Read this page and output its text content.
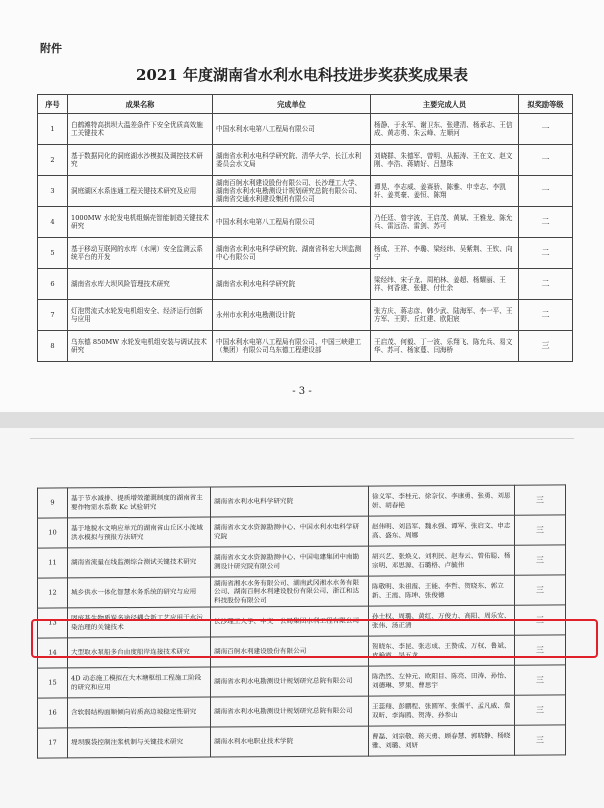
附件
2021 年度湖南省水利水电科技进步奖获奖成果表
序号	成果名称	完成单位	主要完成人员	拟奖励等级
1	白鹤滩特高拱坝大温差条件下安全优质高效施工关键技术	中国水利水电第八工程局有限公司	杨静、于永军、谢卫东、张建清、杨承志、王信成、黄志勇、朱云峰、左顺河	一
2	基于数据同化的洞庭湖水沙模拟及调控技术研究	湖南省水利水电科学研究院、清华大学、长江水利委员会水文局	刘晓群、朱德军、曾明、从振涛、王在文、赵文刚、李浩、蒋婧好、吕慧珠	一
3	洞庭湖区水系连通工程关键技术研究及应用	湖南百舸水利建设股份有限公司、长沙理工大学、湖南省水利水电勘测设计规划研究总院有限公司、湖南省交通水利建设集团有限公司	谭晃、李志威、姜赛骄、陈雅、申幸志、李凯轩、姜英豪、姜恒、陈翔	一
4	1000MW 水轮发电机组蜗壳智能制造关键技术研究	中国水利水电第八工程局有限公司	乃任廷、曾宇波、王启茂、黄斌、王雅龙、陈允兵、雷远浩、雷剑、苏可	二
5	基于移动互联网的水库（水闸）安全监测云系统平台的开发	湖南省水利水电科学研究院、湖南省科宏大坝监测中心有限公司	杨成、王祥、李璐、梁经纬、吴紫荆、王钦、向宁	二
6	湖南省水库大坝风险管理技术研究	湖南省水利水电科学研究院	梁经纬、宋子龙、周柏林、姜超、杨耀丽、王祥、何香建、张健、付仕余	二
7	灯泡贯流式水轮发电机组安全、经济运行创新与应用	永州市水利水电勘测设计院	张方庆、蒋志彦、韩少武、陆海军、李一平、王方军、王野、丘红建、欧阳宸	二
8	乌东德 850MW 水轮发电机组安装与调试技术研究	中国水利水电第八工程局有限公司、中国三峡建工（集团）有限公司乌东德工程建设部	王启茂、何毅、丁一波、乐翔飞、陈允兵、易文华、苏可、杨家蔓、闫海桥	三
- 3 -
9	基于节水减排、提质增效灌溉制度的湖南省主要作物需水系数 Kc 试验研究	湖南省水利水电科学研究院	徐义军、李桂元、徐奈仪、李康勇、张勇、刘思妍、胡春艳	三
10	基于地貌水文响应单元的湖南省山丘区小流域洪水模拟与预报方法研究	湖南省水文水资源勘测中心、中国水利水电科学研究院	赵伟明、刘昌军、魏永强、谭军、张启文、申志高、盛东、周娜	三
11	湖南省流量在线监测综合测试关键技术研究	湖南省水文水资源勘测中心、中国电建集团中南勘测设计研究院有限公司	胡兴艺、张焕义、刘利民、赵寿云、曾佑聪、杨宗明、邓思源、石璐格、卢毓伟	三
12	城乡供水一体化智慧水务系统的研究与应用	湖南省湘水水务有限公司、湖南武冈湘水水务有限公司、湖南百舸水利建设股份有限公司、浙江和达科技股份有限公司	陈敬明、朱祖霞、王能、李哲、贺晓东、郭立新、王霞、陈坤、张俊德	三
13	固废基生物质炭多途径耦合新工艺应用于水污染治理的关键技术	长沙理工大学、中交一公局集团水利工程有限公司	孙士权、周璐、黄红、万俊力、高阳、周乐安、张伟、汤正清	三
14	大型取水泵船多台由度船岸连接技术研究	湖南百舸水利建设股份有限公司	贺晓东、李昆、张志成、王赞成、万权、鲁斌、皮艳霞、吴五龙	三
15	4D 动态施工模拟在大木塘枢纽工程施工阶段的研究和应用	湖南省水利水电勘测设计规划研究总院有限公司	陈浩然、左仲元、欧阳目、陈亮、田涛、孙怡、刘德琳、罗果、曹思宇	三
16	含软弱结构面顺倾向岩质高边坡稳定性研究	湖南省水利水电勘测设计规划研究总院有限公司	王蕊翔、彭鹏程、张圆军、张儒平、孟凡威、詹双昕、李海鸥、贺涛、孙参山	三
17	堤坝膜袋控制注浆机制与关键技术研究	湖南水利水电职业技术学院	曹磊、刘宗敬、蒋天勇、顾春慧、郭晓静、杨晓雅、刘璐、刘妍	三
